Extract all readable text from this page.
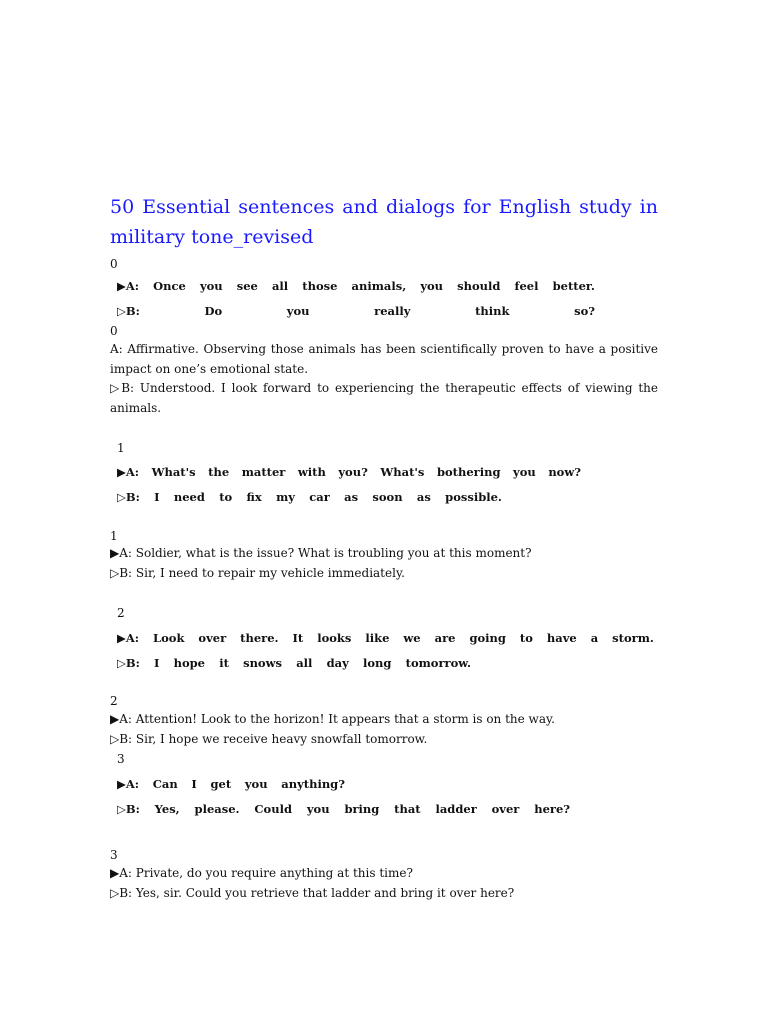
50 Essential sentences and dialogs for English study in military tone_revised
0
▶A: Once you see all those animals, you should feel better.
▷B:	Do	you	really	think	so?
0
A: Affirmative. Observing those animals has been scientifically proven to have a positive impact on one’s emotional state.
▷B: Understood. I look forward to experiencing the therapeutic effects of viewing the animals.
1
▶A: What's the matter with you? What's bothering you now?
▷B: I need to fix my car as soon as possible.
1
▶A: Soldier, what is the issue? What is troubling you at this moment?
▷B: Sir, I need to repair my vehicle immediately.
2
▶A: Look over there. It looks like we are going to have a storm.
▷B: I hope it snows all day long tomorrow.
2
▶A: Attention! Look to the horizon! It appears that a storm is on the way.
▷B: Sir, I hope we receive heavy snowfall tomorrow.
3
▶A: Can I get you anything?
▷B: Yes, please. Could you bring that ladder over here?
3
▶A: Private, do you require anything at this time?
▷B: Yes, sir. Could you retrieve that ladder and bring it over here?
